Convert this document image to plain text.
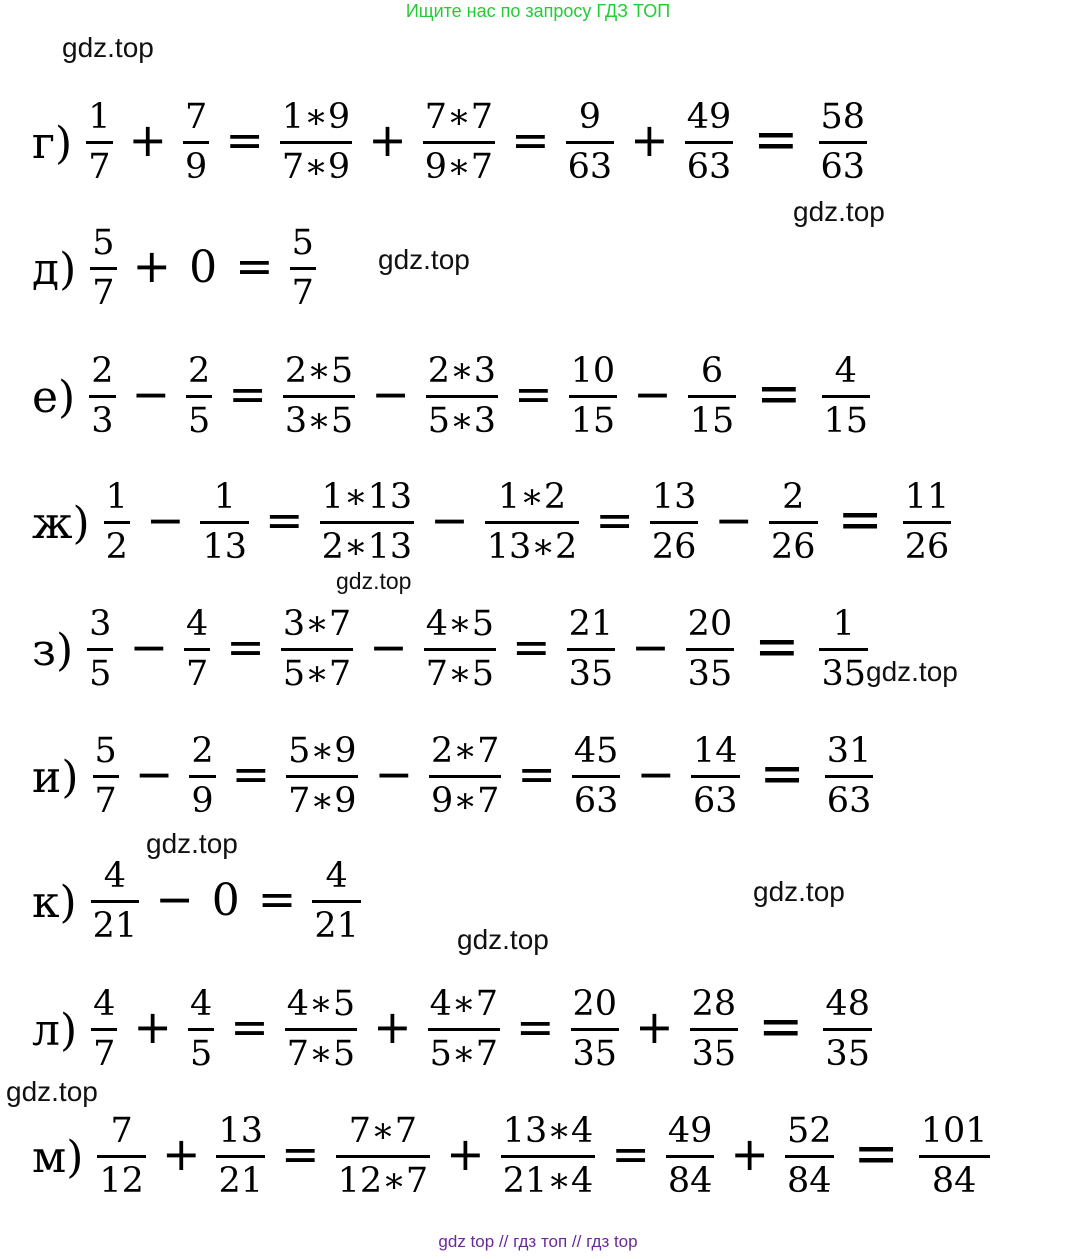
Ищите нас по запросу ГДЗ ТОП
gdz.top
gdz.top
gdz.top
gdz.top
gdz.top
gdz.top
gdz.top
gdz.top
gdz.top
$г) \frac{1}{7} + \frac{7}{9} = \frac{1∗9}{7∗9} + \frac{7∗7}{9∗7} = \frac{9}{63} + \frac{49}{63} = \frac{58}{63}$
$д) \frac{5}{7} + 0 = \frac{5}{7}$
$е) \frac{2}{3} - \frac{2}{5} = \frac{2∗5}{3∗5} - \frac{2∗3}{5∗3} = \frac{10}{15} - \frac{6}{15} = \frac{4}{15}$
$ж) \frac{1}{2} - \frac{1}{13} = \frac{1∗13}{2∗13} - \frac{1∗2}{13∗2} = \frac{13}{26} - \frac{2}{26} = \frac{11}{26}$
$з) \frac{3}{5} - \frac{4}{7} = \frac{3∗7}{5∗7} - \frac{4∗5}{7∗5} = \frac{21}{35} - \frac{20}{35} = \frac{1}{35}$
$и) \frac{5}{7} - \frac{2}{9} = \frac{5∗9}{7∗9} - \frac{2∗7}{9∗7} = \frac{45}{63} - \frac{14}{63} = \frac{31}{63}$
$к) \frac{4}{21} - 0 = \frac{4}{21}$
$л) \frac{4}{7} + \frac{4}{5} = \frac{4∗5}{7∗5} + \frac{4∗7}{5∗7} = \frac{20}{35} + \frac{28}{35} = \frac{48}{35}$
$м) \frac{7}{12} + \frac{13}{21} = \frac{7∗7}{12∗7} + \frac{13∗4}{21∗4} = \frac{49}{84} + \frac{52}{84} = \frac{101}{84}$
gdz top // гдз топ // гдз top
